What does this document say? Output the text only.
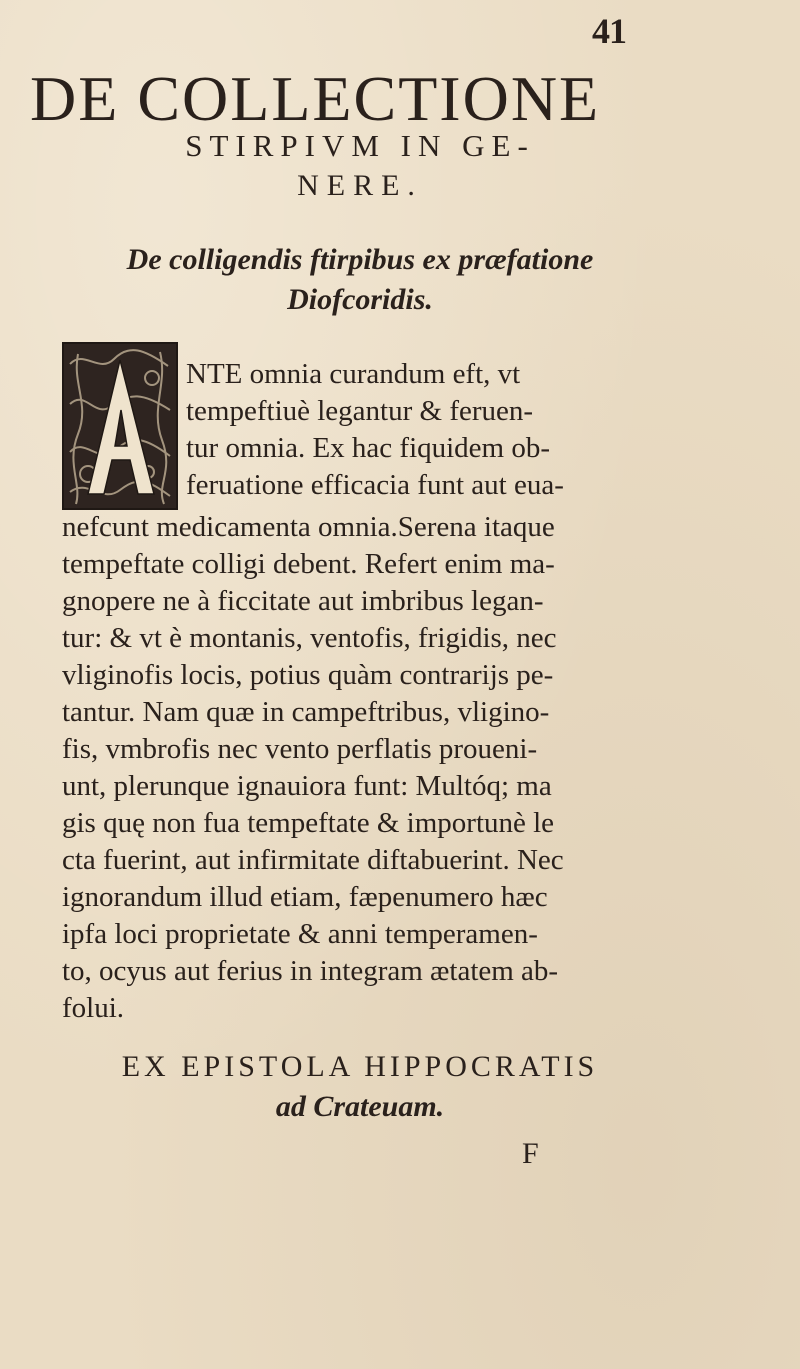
41
DE COLLECTIONE
STIRPIVM IN GE-
NERE.
De colligendis ftirpibus ex præfatione
Diofcoridis.
NTE omnia curandum eft, vt
tempeftiuè legantur & feruen-
tur omnia. Ex hac fiquidem ob-
feruatione efficacia funt aut eua-
nefcunt medicamenta omnia.Serena itaque
tempeftate colligi debent. Refert enim ma-
gnopere ne à ficcitate aut imbribus legan-
tur: & vt è montanis, ventofis, frigidis, nec
vliginofis locis, potius quàm contrarijs pe-
tantur. Nam quæ in campeftribus, vligino-
fis, vmbrofis nec vento perflatis proueni-
unt, plerunque ignauiora funt: Multóq; ma
gis quę non fua tempeftate & importunè le
cta fuerint, aut infirmitate diftabuerint. Nec
ignorandum illud etiam, fæpenumero hæc
ipfa loci proprietate & anni temperamen-
to, ocyus aut ferius in integram ætatem ab-
folui.
EX EPISTOLA HIPPOCRATIS
ad Crateuam.
F
